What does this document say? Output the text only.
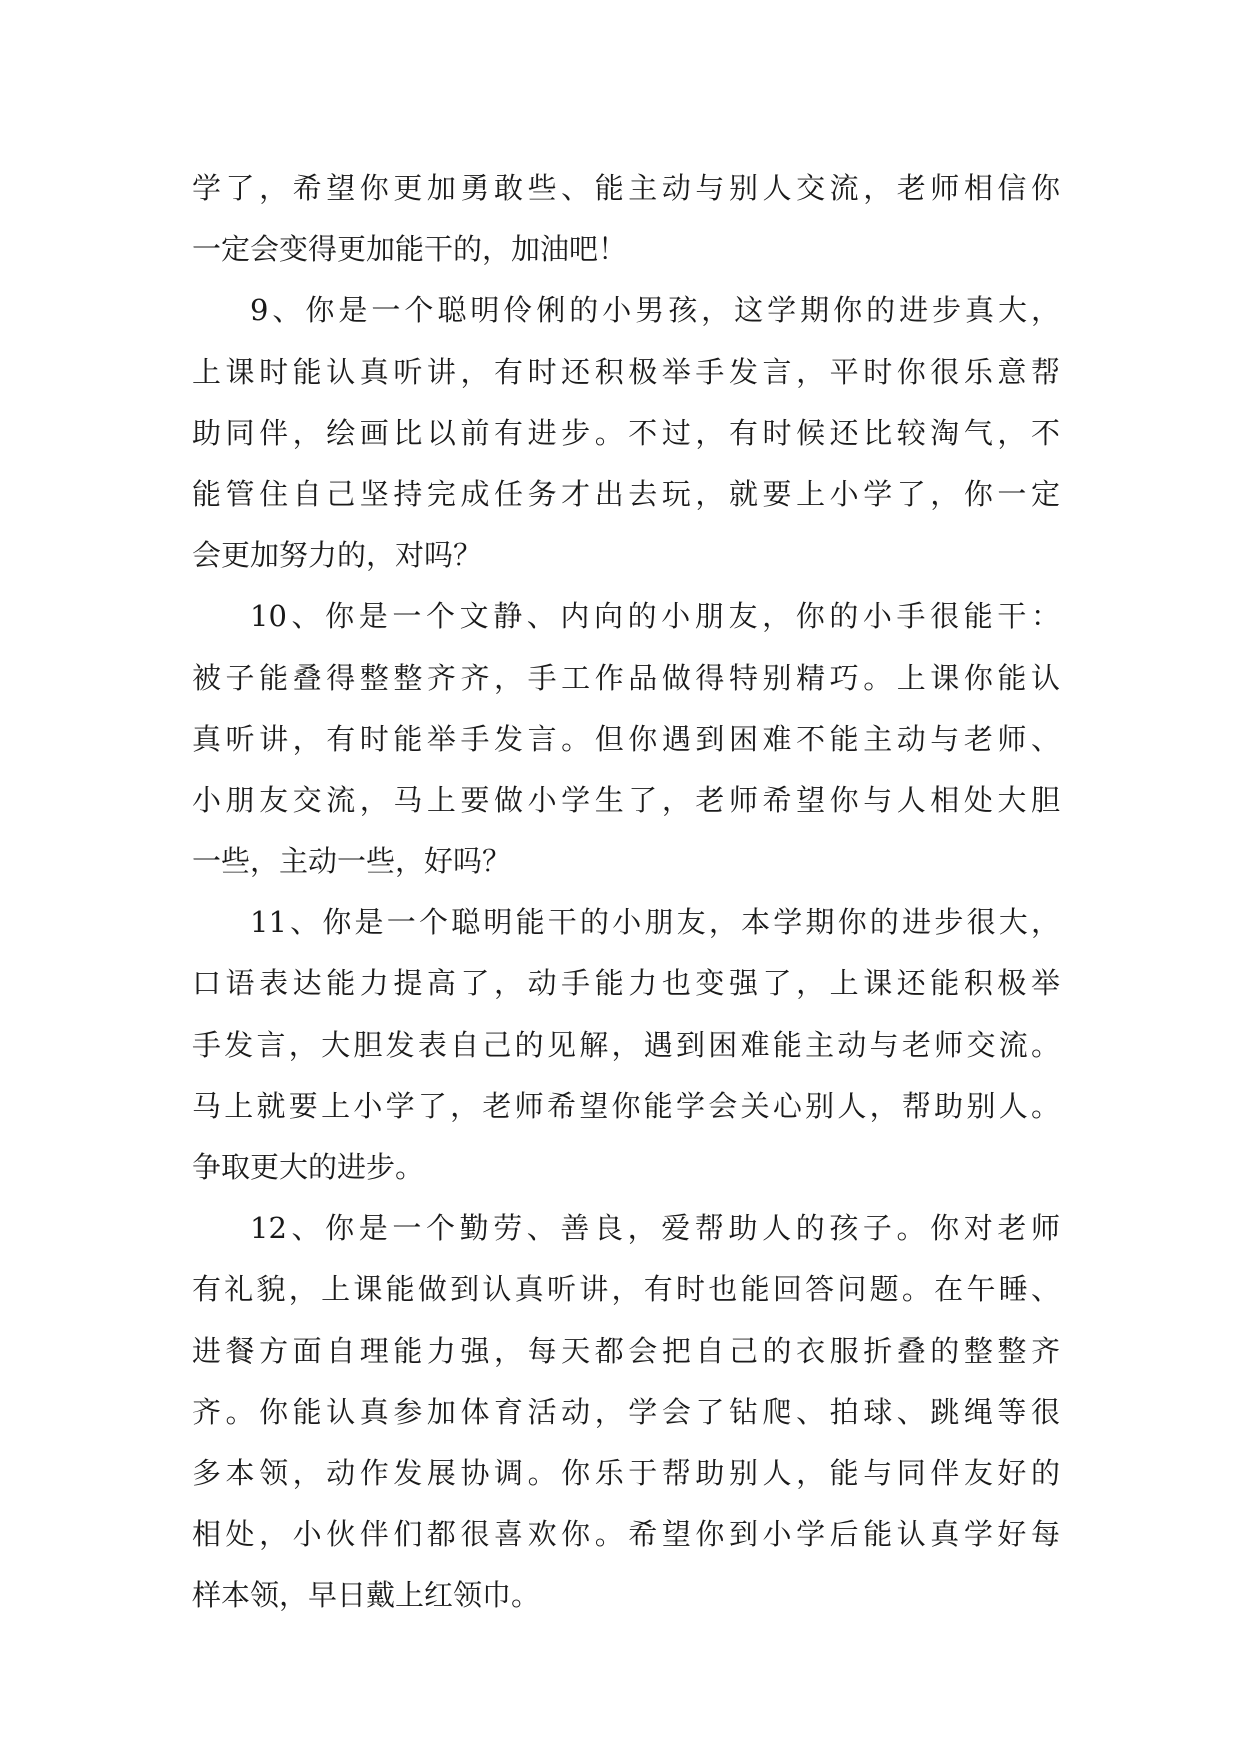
学了，希望你更加勇敢些、能主动与别人交流，老师相信你
一定会变得更加能干的，加油吧！
9、你是一个聪明伶俐的小男孩，这学期你的进步真大，
上课时能认真听讲，有时还积极举手发言，平时你很乐意帮
助同伴，绘画比以前有进步。不过，有时候还比较淘气，不
能管住自己坚持完成任务才出去玩，就要上小学了，你一定
会更加努力的，对吗？
10、你是一个文静、内向的小朋友，你的小手很能干：
被子能叠得整整齐齐，手工作品做得特别精巧。上课你能认
真听讲，有时能举手发言。但你遇到困难不能主动与老师、
小朋友交流，马上要做小学生了，老师希望你与人相处大胆
一些，主动一些，好吗？
11、你是一个聪明能干的小朋友，本学期你的进步很大，
口语表达能力提高了，动手能力也变强了，上课还能积极举
手发言，大胆发表自己的见解，遇到困难能主动与老师交流。
马上就要上小学了，老师希望你能学会关心别人，帮助别人。
争取更大的进步。
12、你是一个勤劳、善良，爱帮助人的孩子。你对老师
有礼貌，上课能做到认真听讲，有时也能回答问题。在午睡、
进餐方面自理能力强，每天都会把自己的衣服折叠的整整齐
齐。你能认真参加体育活动，学会了钻爬、拍球、跳绳等很
多本领，动作发展协调。你乐于帮助别人，能与同伴友好的
相处，小伙伴们都很喜欢你。希望你到小学后能认真学好每
样本领，早日戴上红领巾。
